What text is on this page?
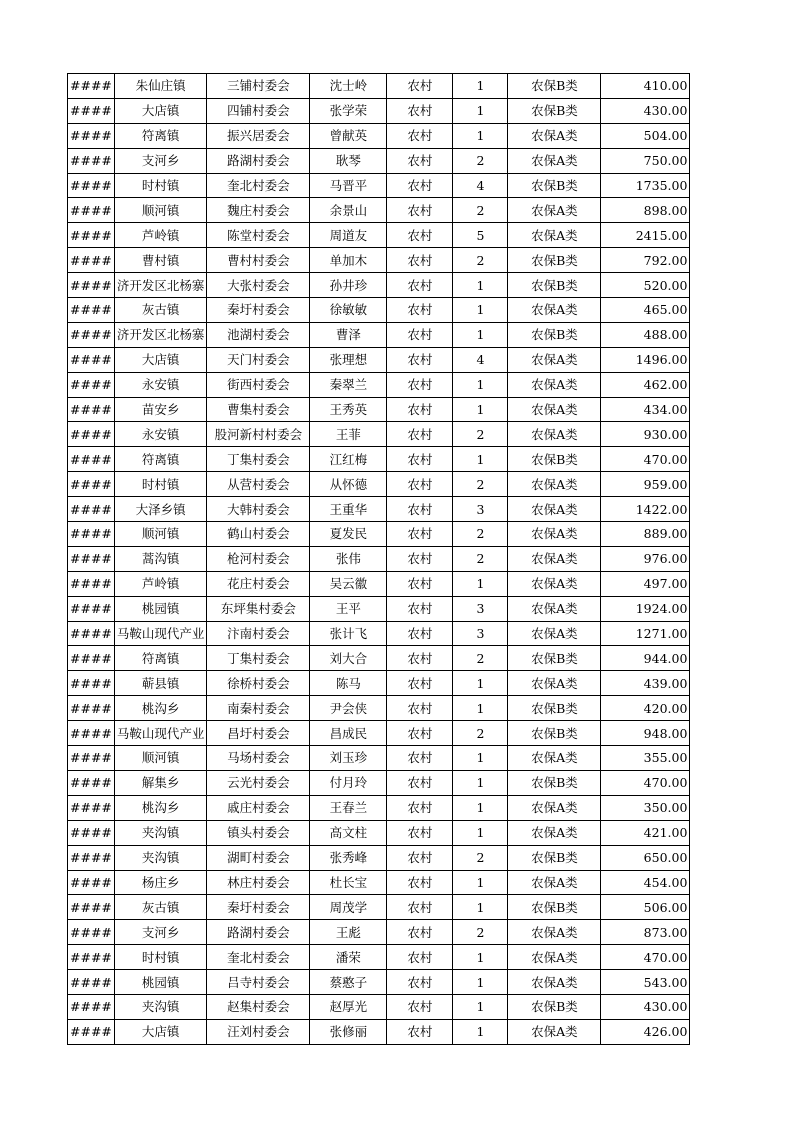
####	朱仙庄镇	三铺村委会	沈士岭	农村	1	农保B类	410.00
####	大店镇	四铺村委会	张学荣	农村	1	农保B类	430.00
####	符离镇	振兴居委会	曾献英	农村	1	农保A类	504.00
####	支河乡	路湖村委会	耿琴	农村	2	农保A类	750.00
####	时村镇	奎北村委会	马晋平	农村	4	农保B类	1735.00
####	顺河镇	魏庄村委会	余景山	农村	2	农保A类	898.00
####	芦岭镇	陈堂村委会	周道友	农村	5	农保A类	2415.00
####	曹村镇	曹村村委会	单加木	农村	2	农保B类	792.00
####	济开发区北杨寨	大张村委会	孙井珍	农村	1	农保B类	520.00
####	灰古镇	秦圩村委会	徐敏敏	农村	1	农保A类	465.00
####	济开发区北杨寨	池湖村委会	曹泽	农村	1	农保B类	488.00
####	大店镇	天门村委会	张理想	农村	4	农保A类	1496.00
####	永安镇	街西村委会	秦翠兰	农村	1	农保A类	462.00
####	苗安乡	曹集村委会	王秀英	农村	1	农保A类	434.00
####	永安镇	股河新村村委会	王菲	农村	2	农保A类	930.00
####	符离镇	丁集村委会	江红梅	农村	1	农保B类	470.00
####	时村镇	从营村委会	从怀德	农村	2	农保A类	959.00
####	大泽乡镇	大韩村委会	王重华	农村	3	农保A类	1422.00
####	顺河镇	鹤山村委会	夏发民	农村	2	农保A类	889.00
####	蒿沟镇	枪河村委会	张伟	农村	2	农保A类	976.00
####	芦岭镇	花庄村委会	吴云徽	农村	1	农保A类	497.00
####	桃园镇	东坪集村委会	王平	农村	3	农保A类	1924.00
####	马鞍山现代产业	汴南村委会	张计飞	农村	3	农保A类	1271.00
####	符离镇	丁集村委会	刘大合	农村	2	农保B类	944.00
####	蕲县镇	徐桥村委会	陈马	农村	1	农保A类	439.00
####	桃沟乡	南秦村委会	尹会侠	农村	1	农保B类	420.00
####	马鞍山现代产业	昌圩村委会	昌成民	农村	2	农保B类	948.00
####	顺河镇	马场村委会	刘玉珍	农村	1	农保A类	355.00
####	解集乡	云光村委会	付月玲	农村	1	农保B类	470.00
####	桃沟乡	戚庄村委会	王春兰	农村	1	农保A类	350.00
####	夹沟镇	镇头村委会	高文柱	农村	1	农保A类	421.00
####	夹沟镇	湖町村委会	张秀峰	农村	2	农保B类	650.00
####	杨庄乡	林庄村委会	杜长宝	农村	1	农保A类	454.00
####	灰古镇	秦圩村委会	周茂学	农村	1	农保B类	506.00
####	支河乡	路湖村委会	王彪	农村	2	农保A类	873.00
####	时村镇	奎北村委会	潘荣	农村	1	农保A类	470.00
####	桃园镇	吕寺村委会	蔡憨子	农村	1	农保A类	543.00
####	夹沟镇	赵集村委会	赵厚光	农村	1	农保B类	430.00
####	大店镇	汪刘村委会	张修丽	农村	1	农保A类	426.00
